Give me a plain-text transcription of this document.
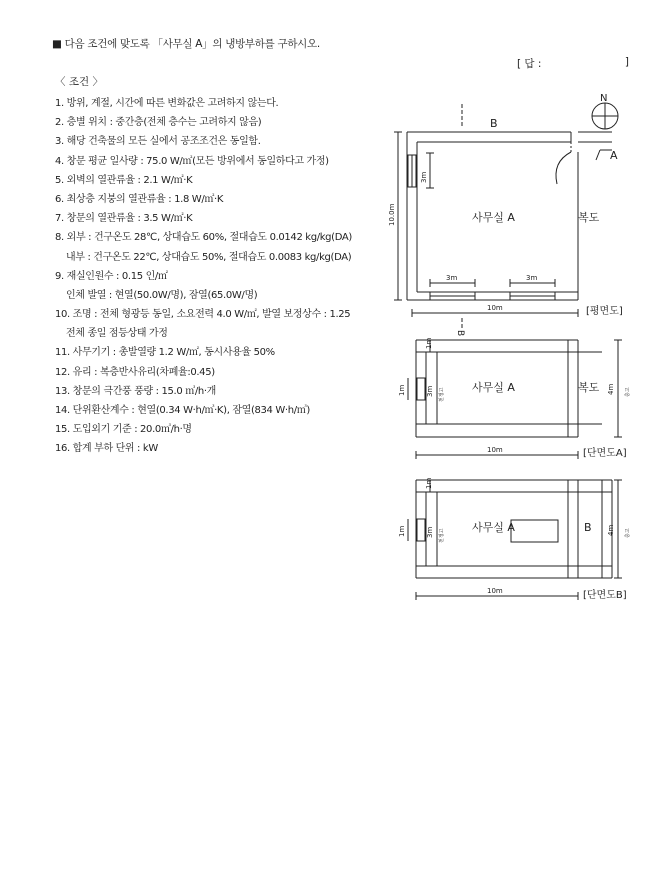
■ 다음 조건에 맞도록 「사무실 A」의 냉방부하를 구하시오.
[ 답 :	]
〈 조건 〉
1. 방위, 계절, 시간에 따른 변화값은 고려하지 않는다.
2. 층별 위치 : 중간층(전체 층수는 고려하지 않음)
3. 해당 건축물의 모든 실에서 공조조건은 동일함.
4. 창문 평균 일사량 : 75.0 W/㎡(모든 방위에서 동일하다고 가정)
5. 외벽의 열관류율 : 2.1 W/㎡·K
6. 최상층 지붕의 열관류율 : 1.8 W/㎡·K
7. 창문의 열관류율 : 3.5 W/㎡·K
8. 외부 : 건구온도 28℃, 상대습도 60%, 절대습도 0.0142 kg/kg(DA)
내부 : 건구온도 22℃, 상대습도 50%, 절대습도 0.0083 kg/kg(DA)
9. 재실인원수 : 0.15 인/㎡
인체 발열 : 현열(50.0W/명), 잠열(65.0W/명)
10. 조명 : 전체 형광등 동일, 소요전력 4.0 W/㎡, 발열 보정상수 : 1.25
전체 종일 점등상태 가정
11. 사무기기 : 총발열량 1.2 W/㎡, 동시사용율 50%
12. 유리 : 복층반사유리(차폐율:0.45)
13. 창문의 극간풍 풍량 : 15.0 ㎥/h·개
14. 단위환산계수 : 현열(0.34 W·h/㎥·K), 잠열(834 W·h/㎥)
15. 도입외기 기준 : 20.0㎥/h·명
16. 합계 부하 단위 : kW
B
A
N
사무실 A	복도
3m
10.0m
3m	3m
10m	[평면도]
B
1m
1m	3m 천정고 사무실 A	복도 4m 층고
10m	[단면도A]
1m
1m	3m 천정고
사무실 A	B 4m 층고
10m	[단면도B]
